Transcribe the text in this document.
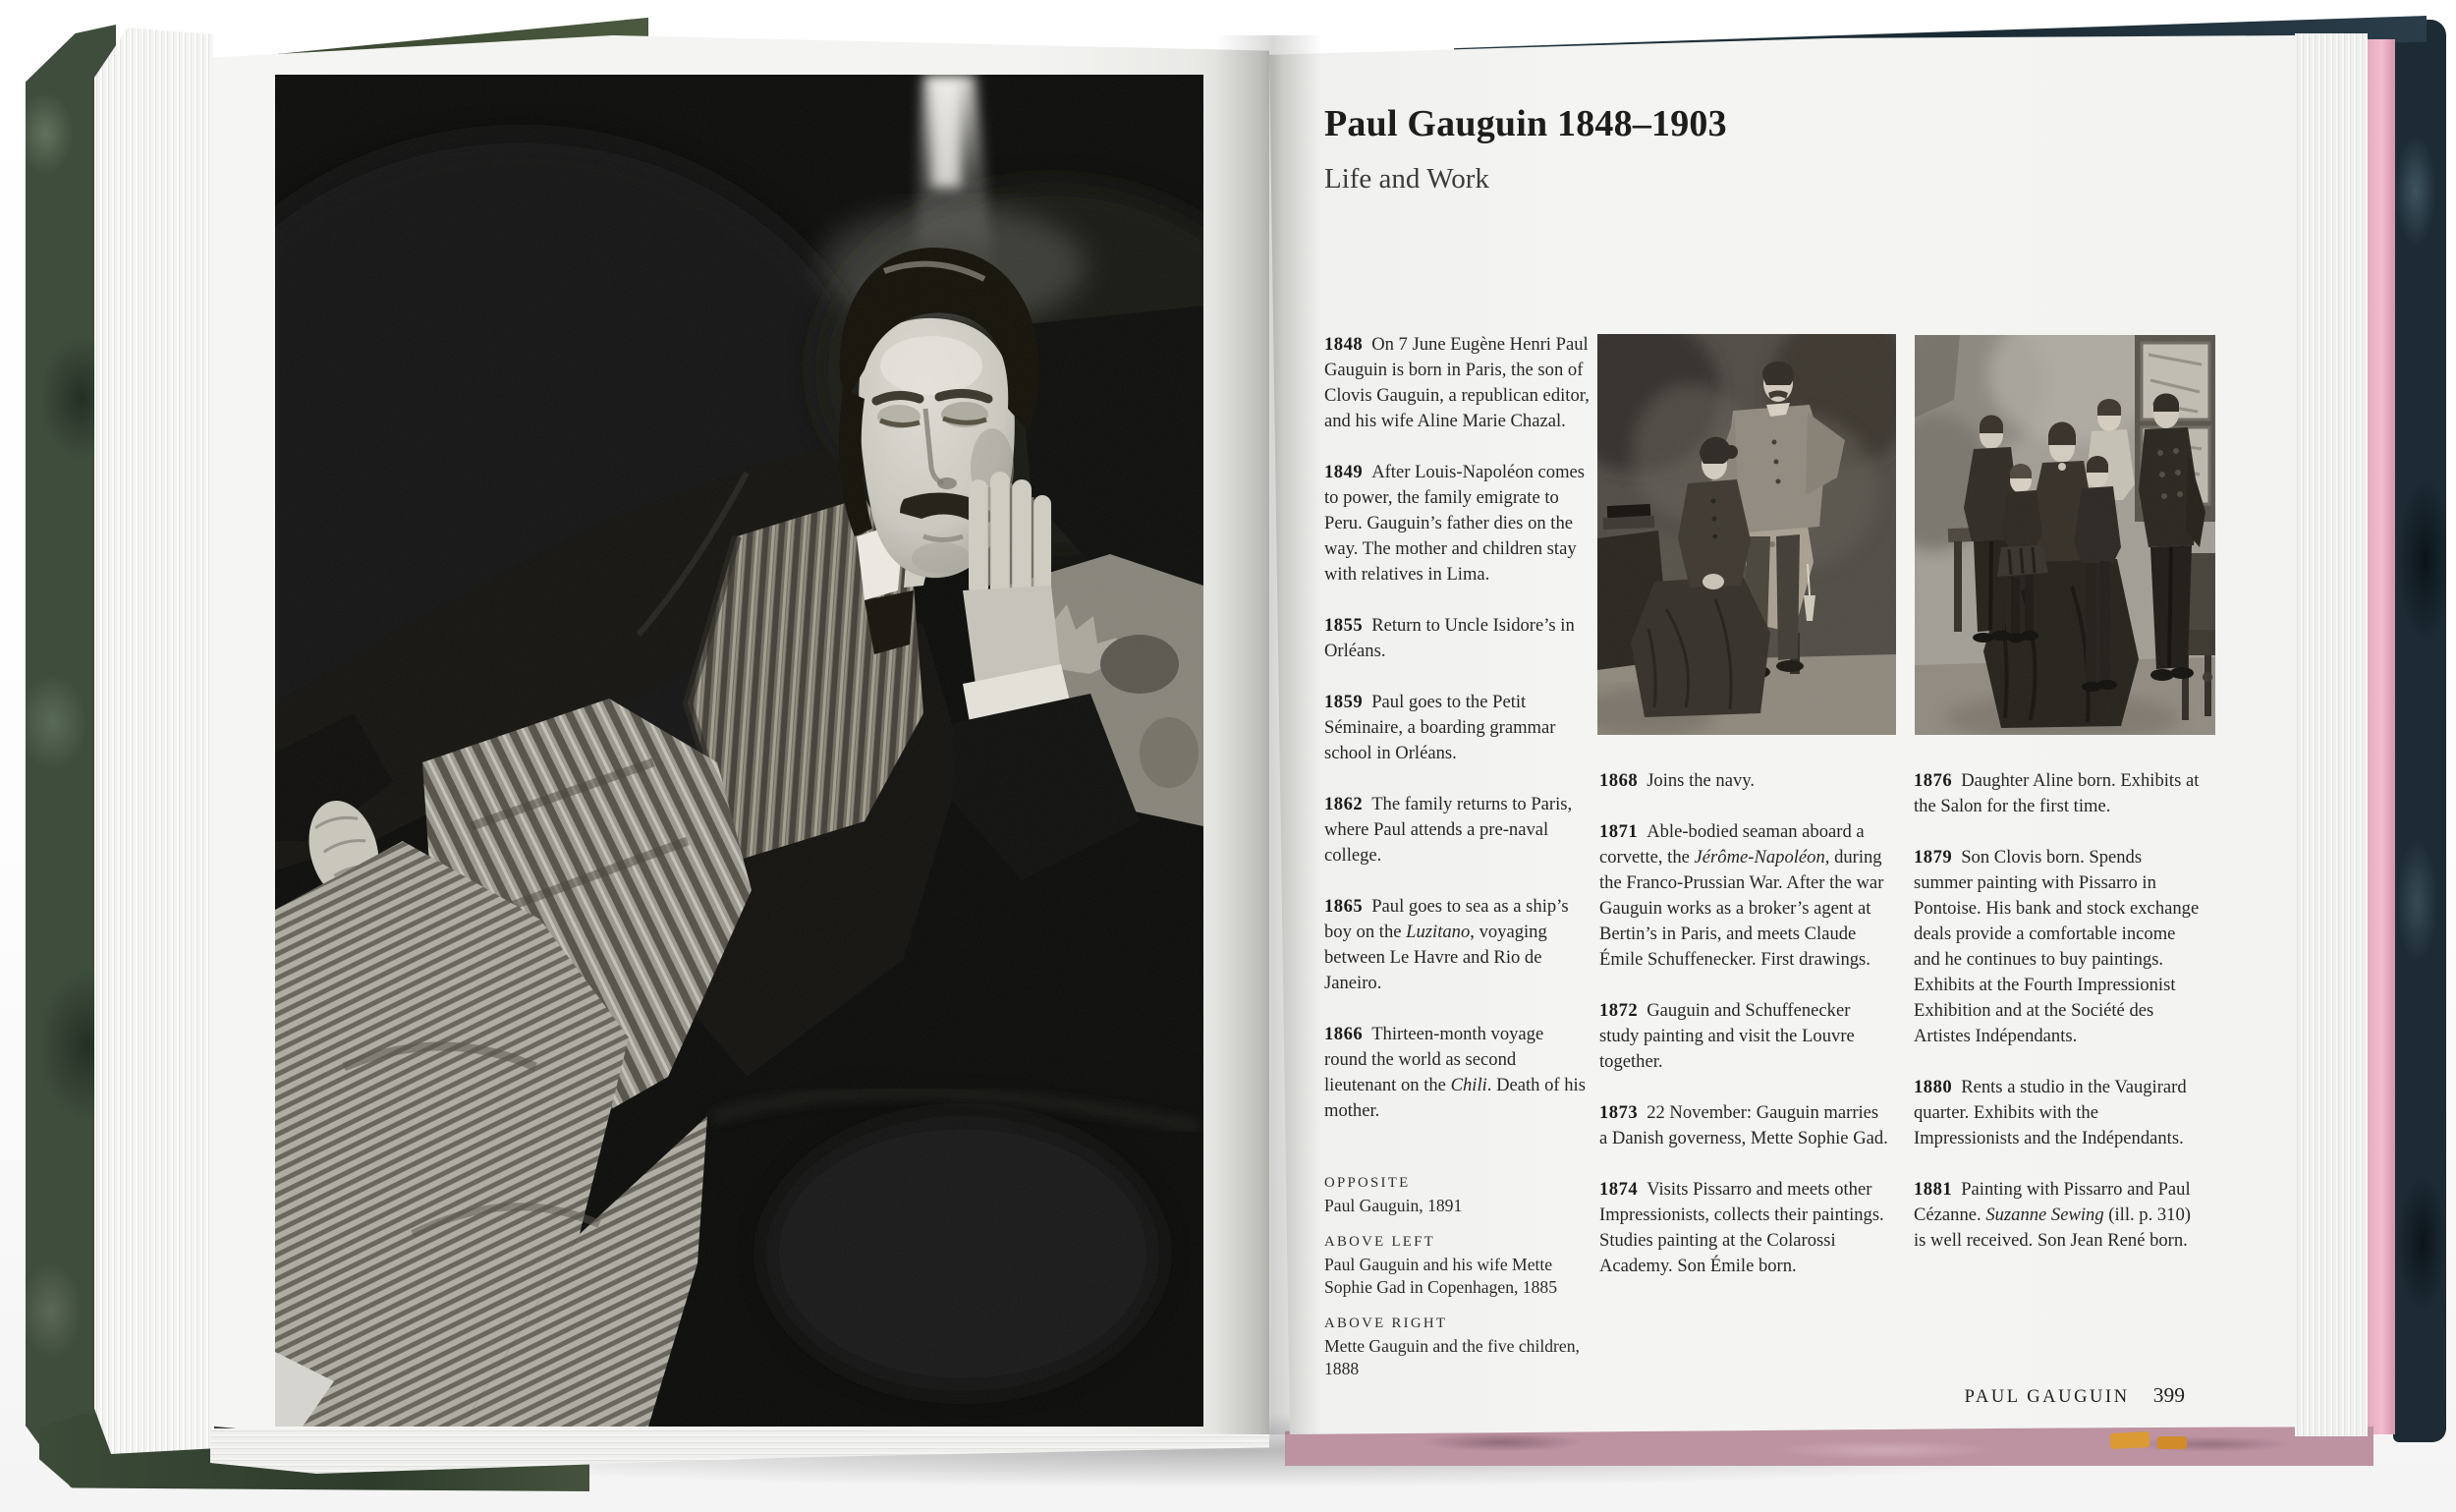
Paul Gauguin 1848–1903
Life and Work

1848 On 7 June Eugène Henri Paul Gauguin is born in Paris, the son of Clovis Gauguin, a republican editor, and his wife Aline Marie Chazal.

1849 After Louis-Napoléon comes to power, the family emigrate to Peru. Gauguin’s father dies on the way. The mother and children stay with relatives in Lima.

1855 Return to Uncle Isidore’s in Orléans.

1859 Paul goes to the Petit Séminaire, a boarding grammar school in Orléans.

1862 The family returns to Paris, where Paul attends a pre-naval college.

1865 Paul goes to sea as a ship’s boy on the Luzitano, voyaging between Le Havre and Rio de Janeiro.

1866 Thirteen-month voyage round the world as second lieutenant on the Chili. Death of his mother.

1868 Joins the navy.

1871 Able-bodied seaman aboard a corvette, the Jérôme-Napoléon, during the Franco-Prussian War. After the war Gauguin works as a broker’s agent at Bertin’s in Paris, and meets Claude Émile Schuffenecker. First drawings.

1872 Gauguin and Schuffenecker study painting and visit the Louvre together.

1873 22 November: Gauguin marries a Danish governess, Mette Sophie Gad.

1874 Visits Pissarro and meets other Impressionists, collects their paintings. Studies painting at the Colarossi Academy. Son Émile born.

1876 Daughter Aline born. Exhibits at the Salon for the first time.

1879 Son Clovis born. Spends summer painting with Pissarro in Pontoise. His bank and stock exchange deals provide a comfortable income and he continues to buy paintings. Exhibits at the Fourth Impressionist Exhibition and at the Société des Artistes Indépendants.

1880 Rents a studio in the Vaugirard quarter. Exhibits with the Impressionists and the Indépendants.

1881 Painting with Pissarro and Paul Cézanne. Suzanne Sewing (ill. p. 310) is well received. Son Jean René born.

OPPOSITE
Paul Gauguin, 1891
ABOVE LEFT
Paul Gauguin and his wife Mette Sophie Gad in Copenhagen, 1885
ABOVE RIGHT
Mette Gauguin and the five children, 1888
PAUL GAUGUIN 399
